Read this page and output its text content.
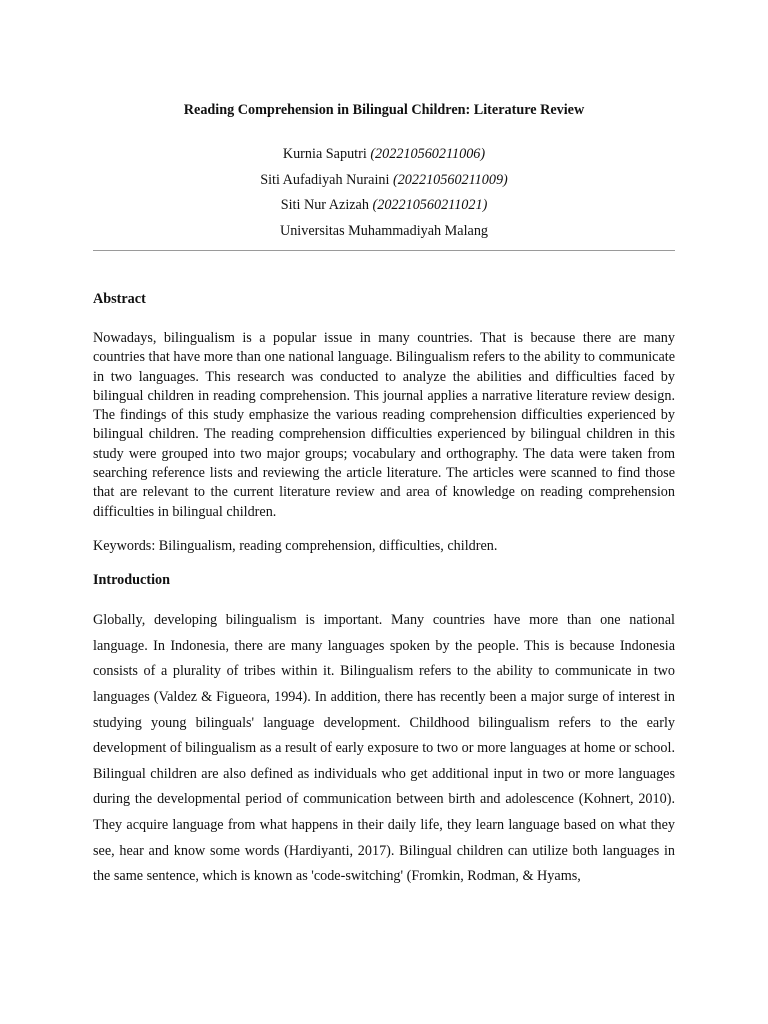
Reading Comprehension in Bilingual Children: Literature Review
Kurnia Saputri (202210560211006)
Siti Aufadiyah Nuraini (202210560211009)
Siti Nur Azizah (202210560211021)
Universitas Muhammadiyah Malang
Abstract

Nowadays, bilingualism is a popular issue in many countries. That is because there are many countries that have more than one national language. Bilingualism refers to the ability to communicate in two languages. This research was conducted to analyze the abilities and difficulties faced by bilingual children in reading comprehension. This journal applies a narrative literature review design. The findings of this study emphasize the various reading comprehension difficulties experienced by bilingual children. The reading comprehension difficulties experienced by bilingual children in this study were grouped into two major groups; vocabulary and orthography. The data were taken from searching reference lists and reviewing the article literature. The articles were scanned to find those that are relevant to the current literature review and area of knowledge on reading comprehension difficulties in bilingual children.

Keywords: Bilingualism, reading comprehension, difficulties, children.

Introduction

Globally, developing bilingualism is important. Many countries have more than one national language. In Indonesia, there are many languages spoken by the people. This is because Indonesia consists of a plurality of tribes within it. Bilingualism refers to the ability to communicate in two languages (Valdez & Figueora, 1994). In addition, there has recently been a major surge of interest in studying young bilinguals' language development. Childhood bilingualism refers to the early development of bilingualism as a result of early exposure to two or more languages at home or school. Bilingual children are also defined as individuals who get additional input in two or more languages during the developmental period of communication between birth and adolescence (Kohnert, 2010). They acquire language from what happens in their daily life, they learn language based on what they see, hear and know some words (Hardiyanti, 2017). Bilingual children can utilize both languages in the same sentence, which is known as 'code-switching' (Fromkin, Rodman, & Hyams,
